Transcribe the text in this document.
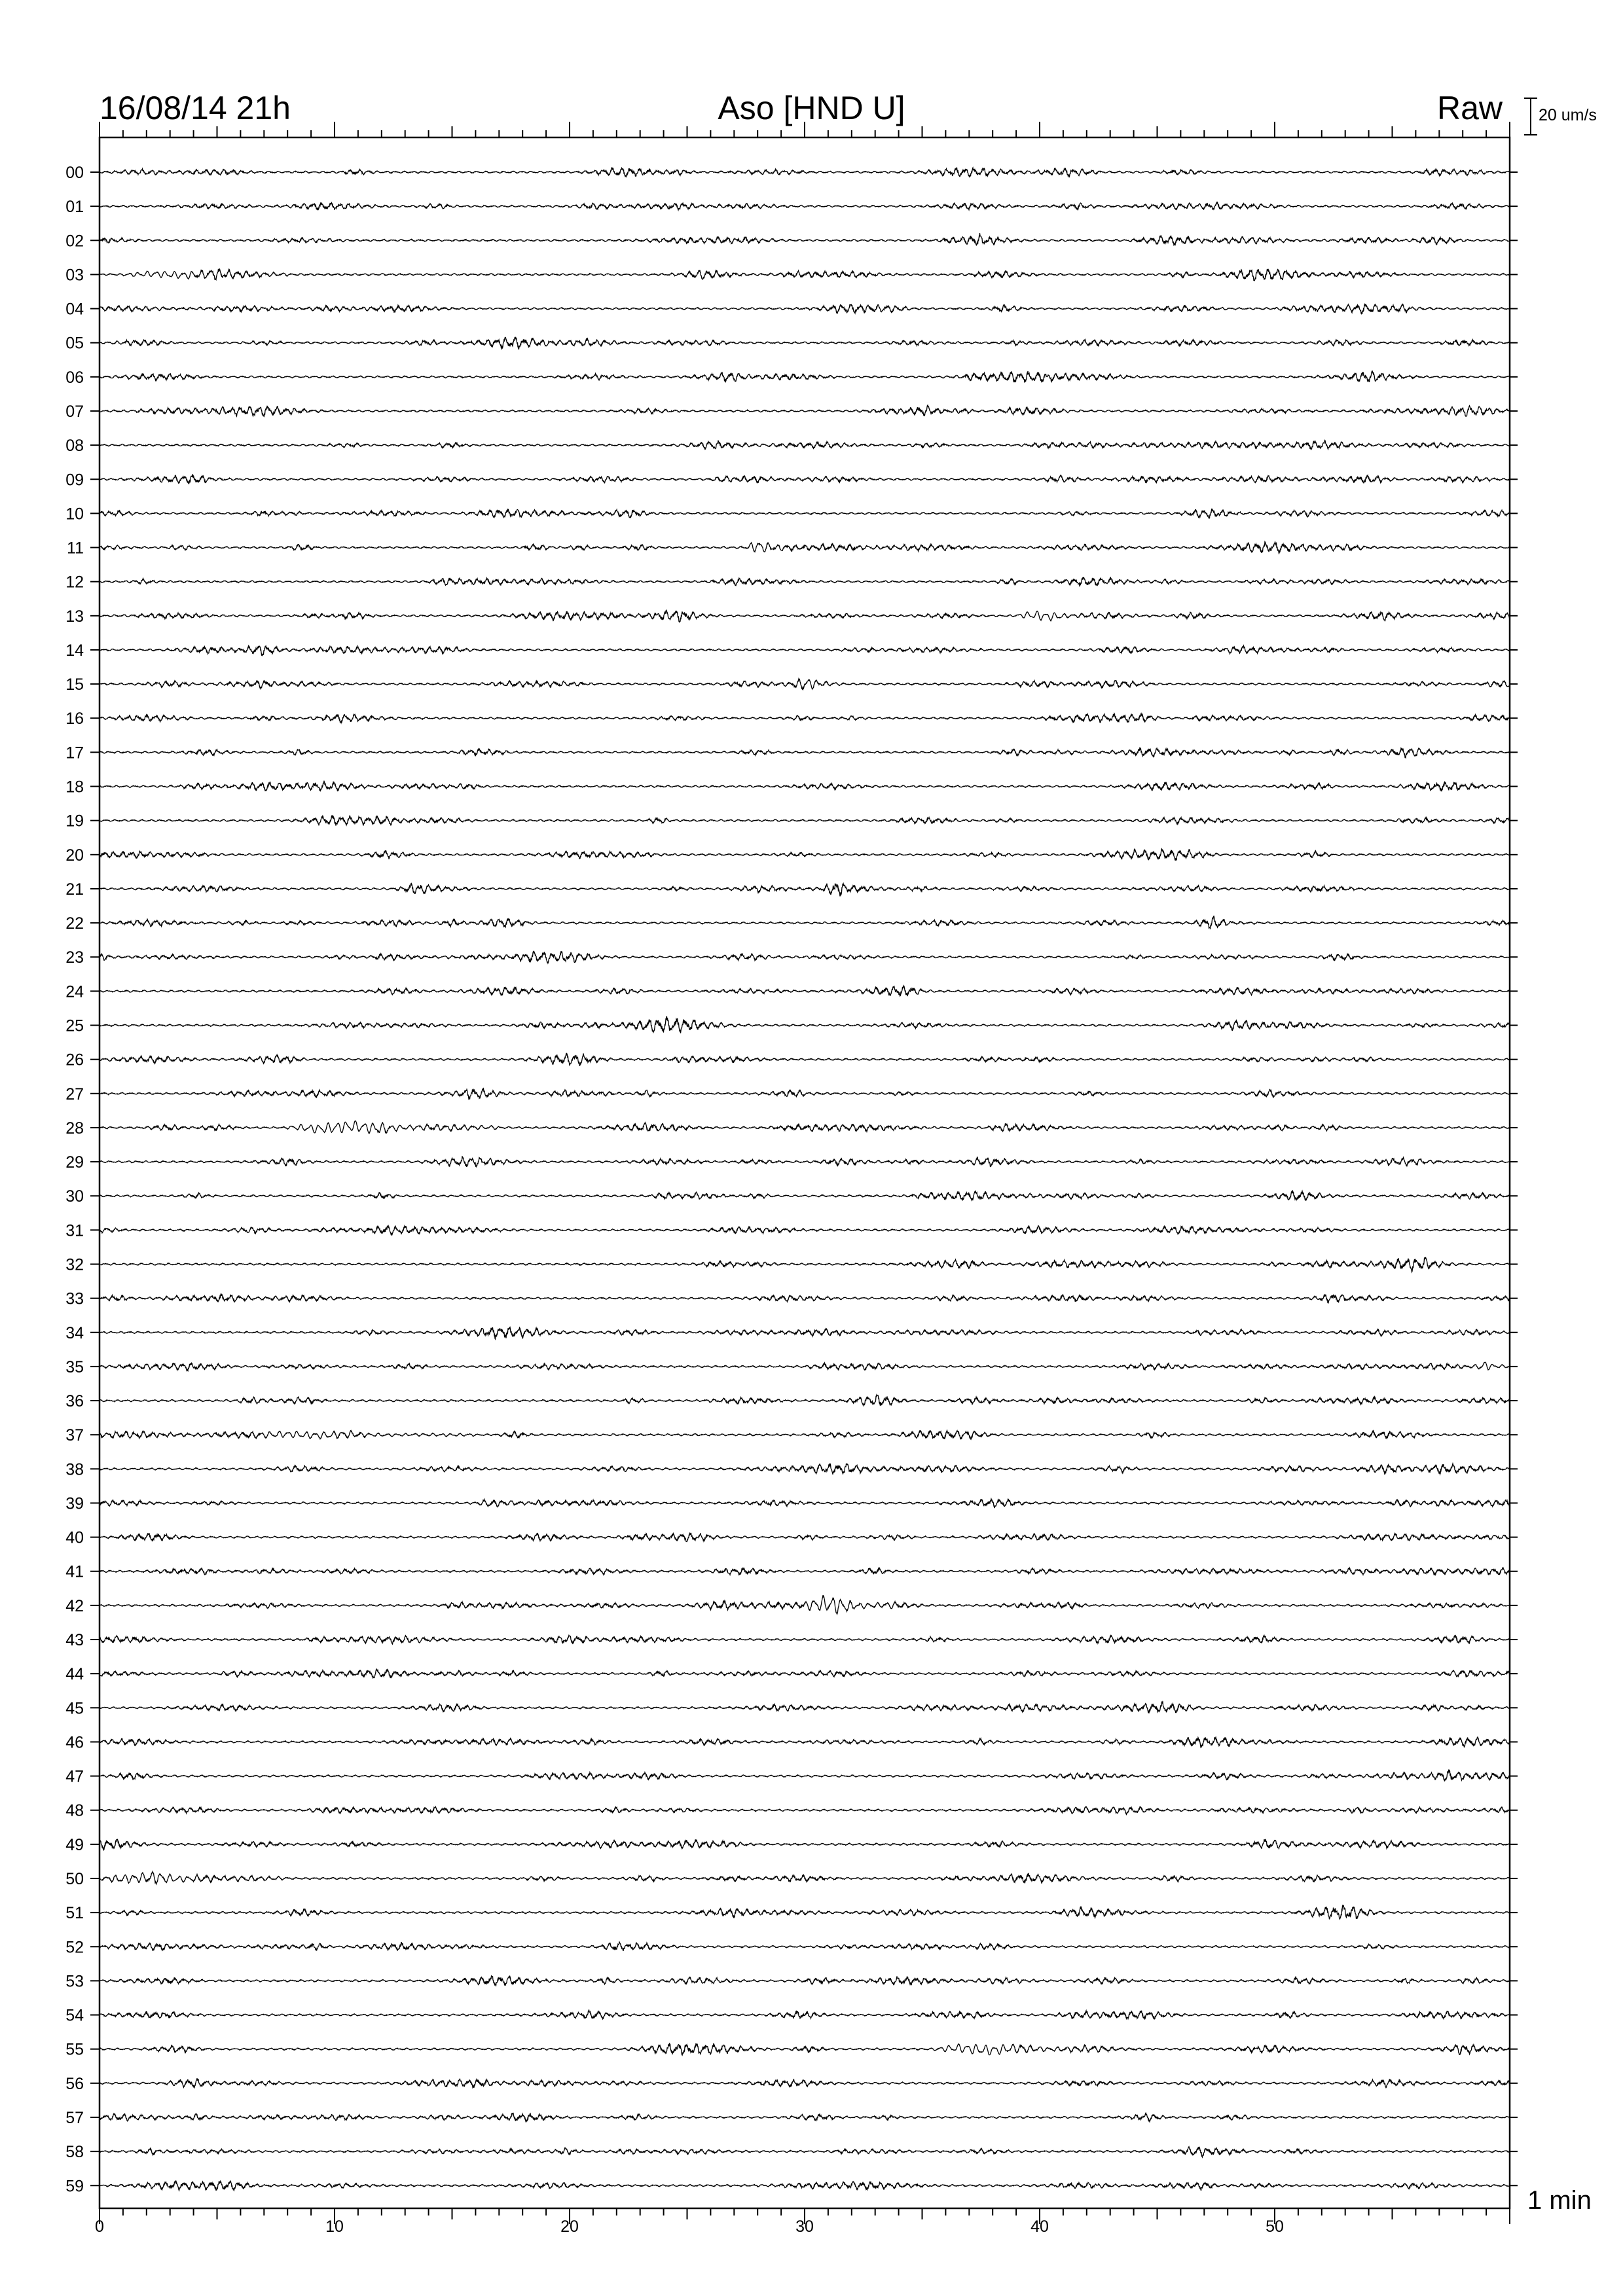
16/08/14 21h	Aso [HND U]	Raw 20 um/s
1 min
0	10	20	30	40	50
00
01
02
03
04
05
06
07
08
09
10
11
12
13
14
15
16
17
18
19
20
21
22
23
24
25
26
27
28
29
30
31
32
33
34
35
36
37
38
39
40
41
42
43
44
45
46
47
48
49
50
51
52
53
54
55
56
57
58
59
